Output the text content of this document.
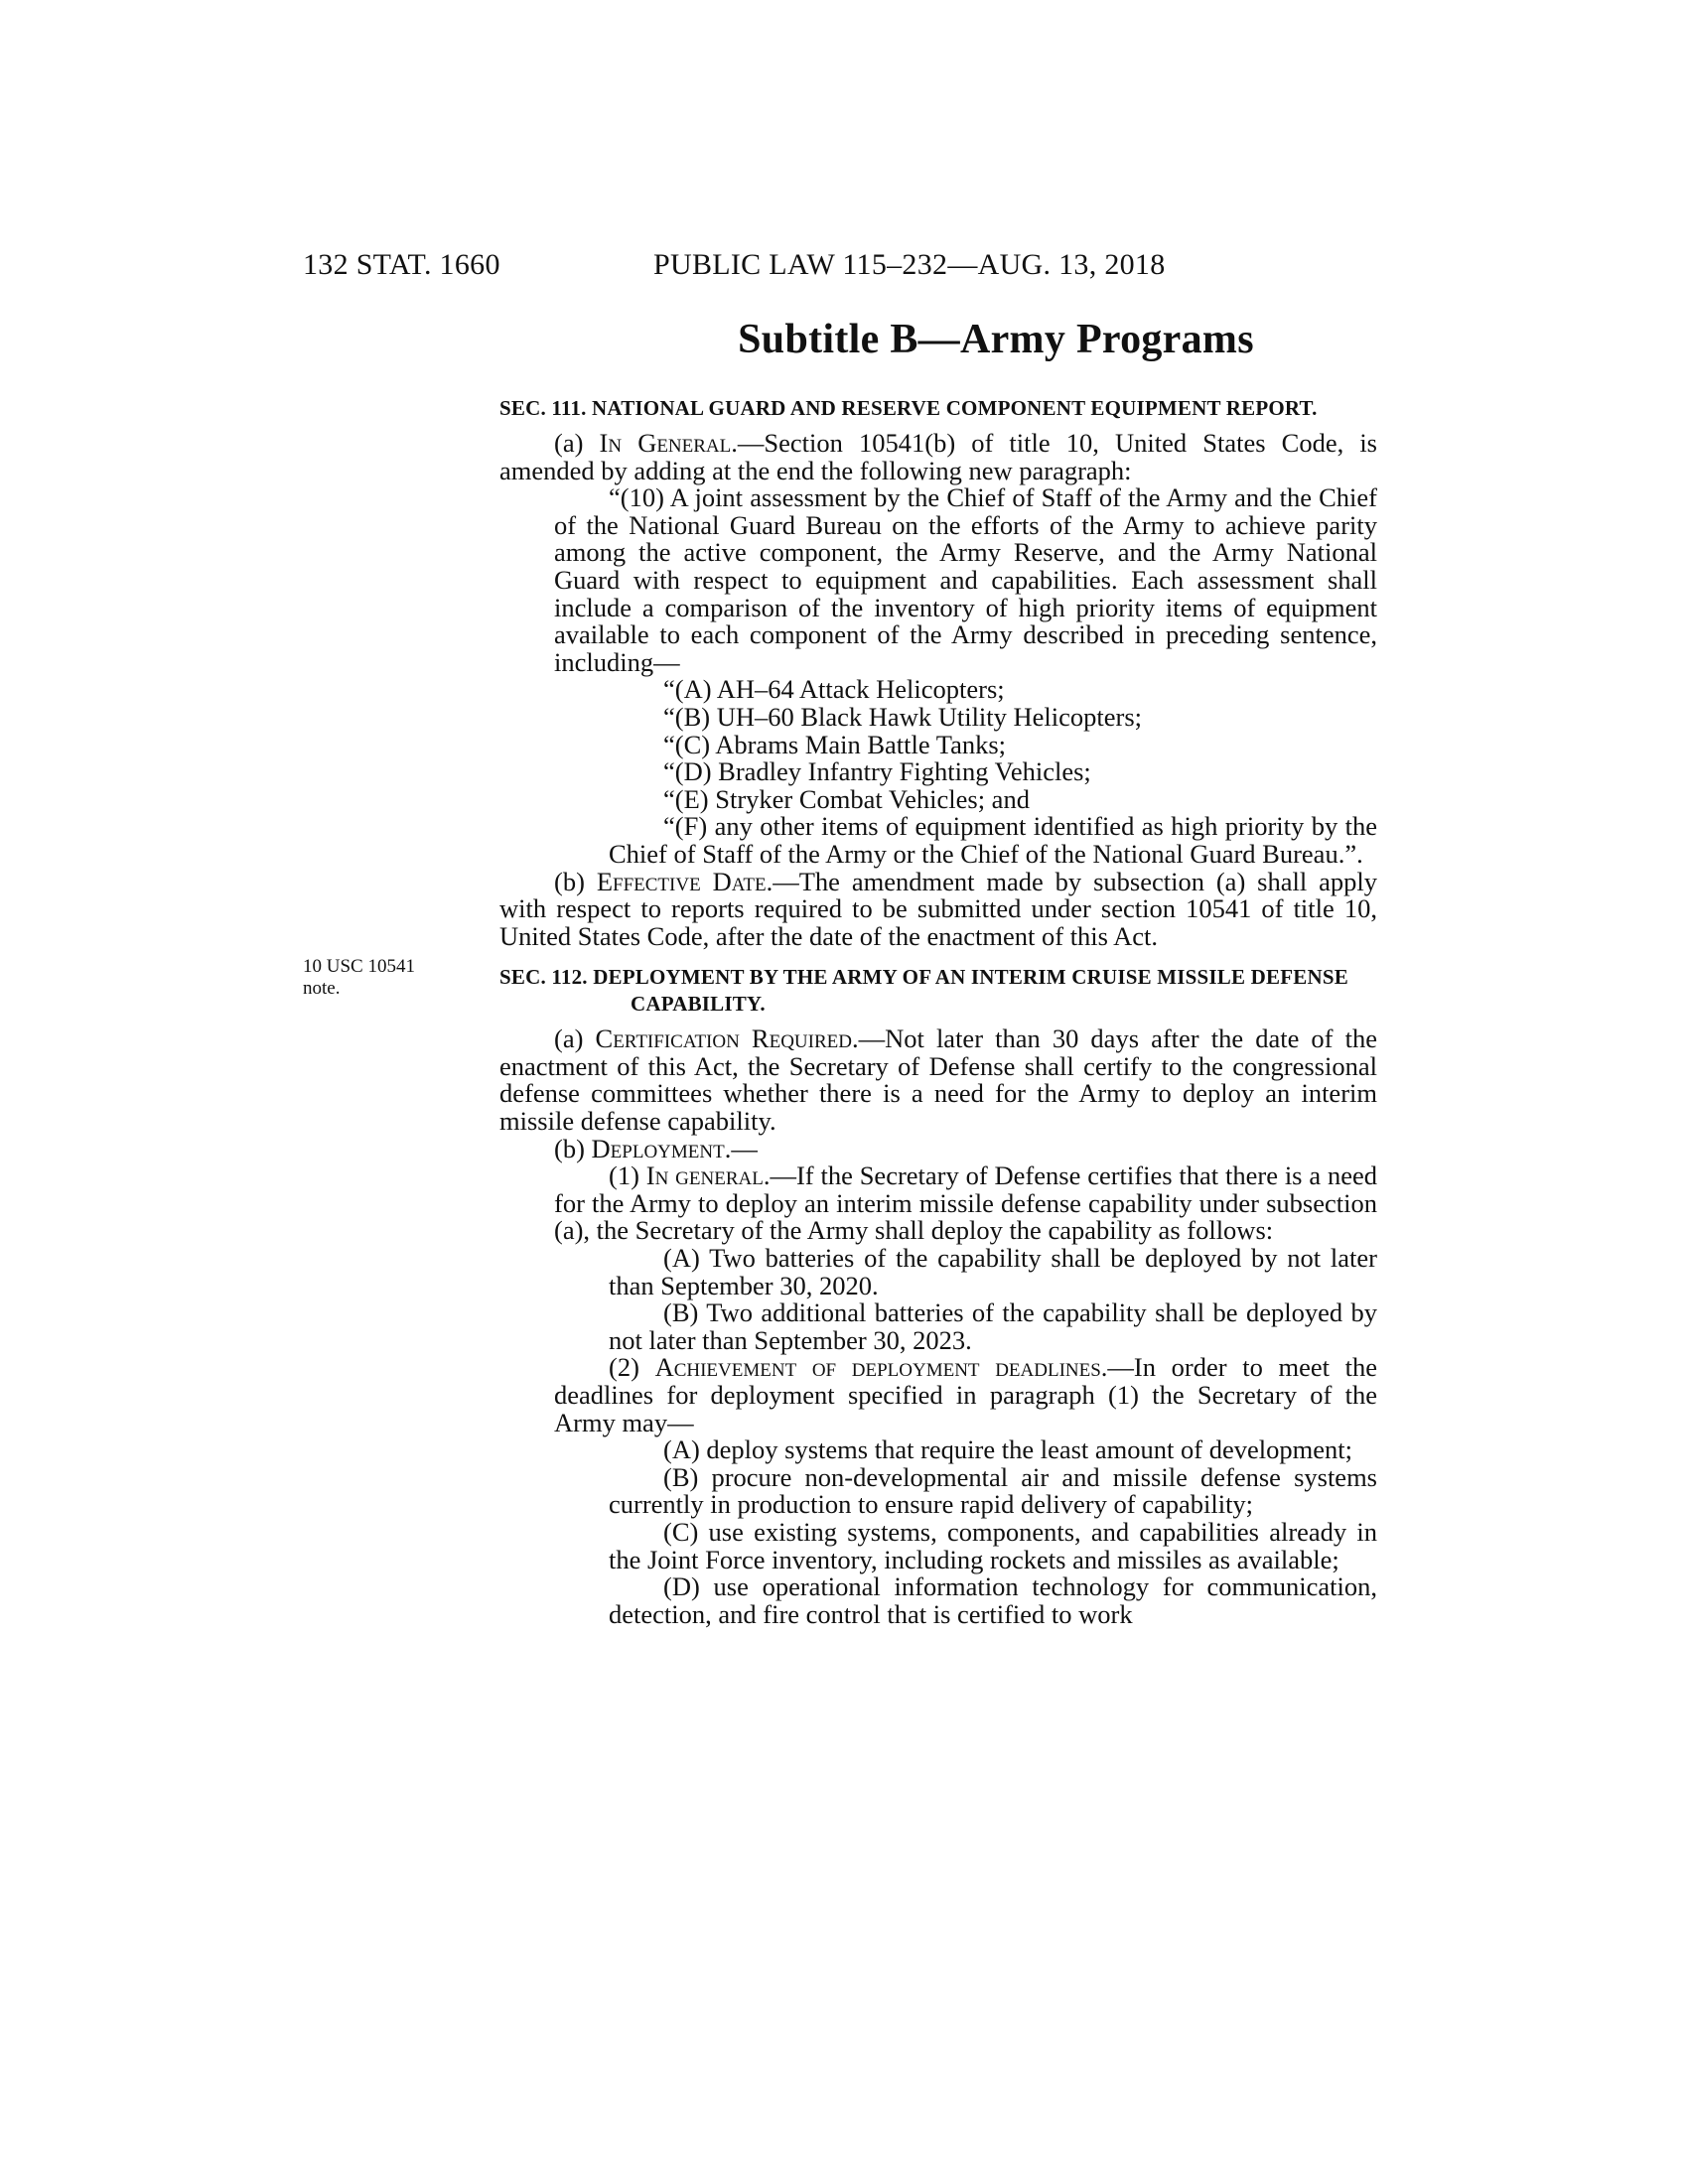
132 STAT. 1660	PUBLIC LAW 115–232—AUG. 13, 2018
Subtitle B—Army Programs
10 USC 10541
note.
SEC. 111. NATIONAL GUARD AND RESERVE COMPONENT EQUIPMENT REPORT.
(a) In General.—Section 10541(b) of title 10, United States Code, is amended by adding at the end the following new paragraph:
“(10) A joint assessment by the Chief of Staff of the Army and the Chief of the National Guard Bureau on the efforts of the Army to achieve parity among the active component, the Army Reserve, and the Army National Guard with respect to equipment and capabilities. Each assessment shall include a comparison of the inventory of high priority items of equipment available to each component of the Army described in preceding sentence, including—
“(A) AH–64 Attack Helicopters;
“(B) UH–60 Black Hawk Utility Helicopters;
“(C) Abrams Main Battle Tanks;
“(D) Bradley Infantry Fighting Vehicles;
“(E) Stryker Combat Vehicles; and
“(F) any other items of equipment identified as high priority by the Chief of Staff of the Army or the Chief of the National Guard Bureau.”.
(b) Effective Date.—The amendment made by subsection (a) shall apply with respect to reports required to be submitted under section 10541 of title 10, United States Code, after the date of the enactment of this Act.
SEC. 112. DEPLOYMENT BY THE ARMY OF AN INTERIM CRUISE MISSILE DEFENSE CAPABILITY.
(a) Certification Required.—Not later than 30 days after the date of the enactment of this Act, the Secretary of Defense shall certify to the congressional defense committees whether there is a need for the Army to deploy an interim missile defense capability.
(b) Deployment.—
(1) In general.—If the Secretary of Defense certifies that there is a need for the Army to deploy an interim missile defense capability under subsection (a), the Secretary of the Army shall deploy the capability as follows:
(A) Two batteries of the capability shall be deployed by not later than September 30, 2020.
(B) Two additional batteries of the capability shall be deployed by not later than September 30, 2023.
(2) Achievement of deployment deadlines.—In order to meet the deadlines for deployment specified in paragraph (1) the Secretary of the Army may—
(A) deploy systems that require the least amount of development;
(B) procure non-developmental air and missile defense systems currently in production to ensure rapid delivery of capability;
(C) use existing systems, components, and capabilities already in the Joint Force inventory, including rockets and missiles as available;
(D) use operational information technology for communication, detection, and fire control that is certified to work
